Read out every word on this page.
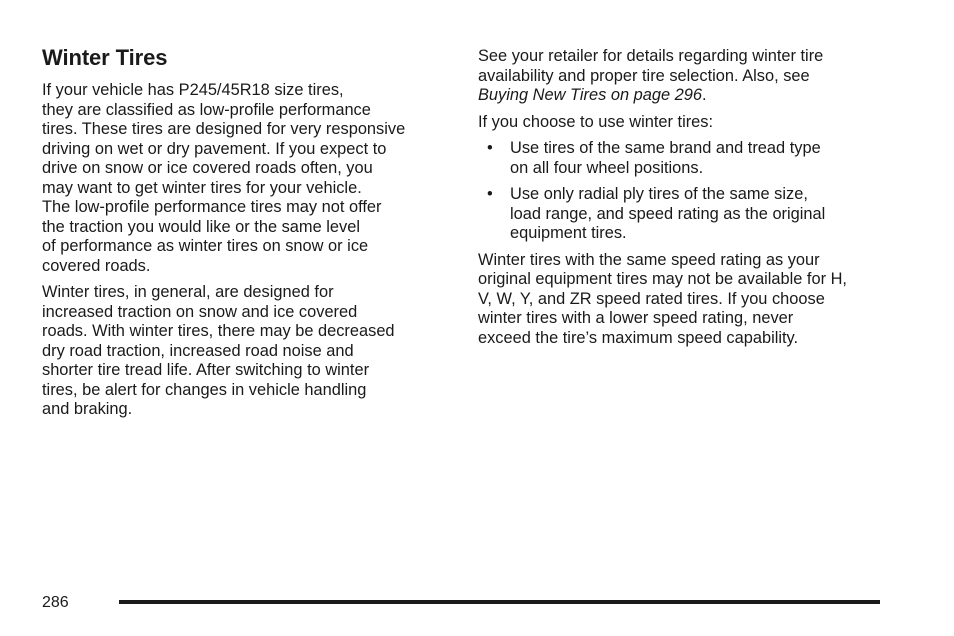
Winter Tires

If your vehicle has P245/45R18 size tires,
they are classified as low-profile performance
tires. These tires are designed for very responsive
driving on wet or dry pavement. If you expect to
drive on snow or ice covered roads often, you
may want to get winter tires for your vehicle.
The low-profile performance tires may not offer
the traction you would like or the same level
of performance as winter tires on snow or ice
covered roads.

Winter tires, in general, are designed for
increased traction on snow and ice covered
roads. With winter tires, there may be decreased
dry road traction, increased road noise and
shorter tire tread life. After switching to winter
tires, be alert for changes in vehicle handling
and braking.

See your retailer for details regarding winter tire
availability and proper tire selection. Also, see
Buying New Tires on page 296.

If you choose to use winter tires:

• Use tires of the same brand and tread type
on all four wheel positions.
• Use only radial ply tires of the same size,
load range, and speed rating as the original
equipment tires.

Winter tires with the same speed rating as your
original equipment tires may not be available for H,
V, W, Y, and ZR speed rated tires. If you choose
winter tires with a lower speed rating, never
exceed the tire’s maximum speed capability.

286
